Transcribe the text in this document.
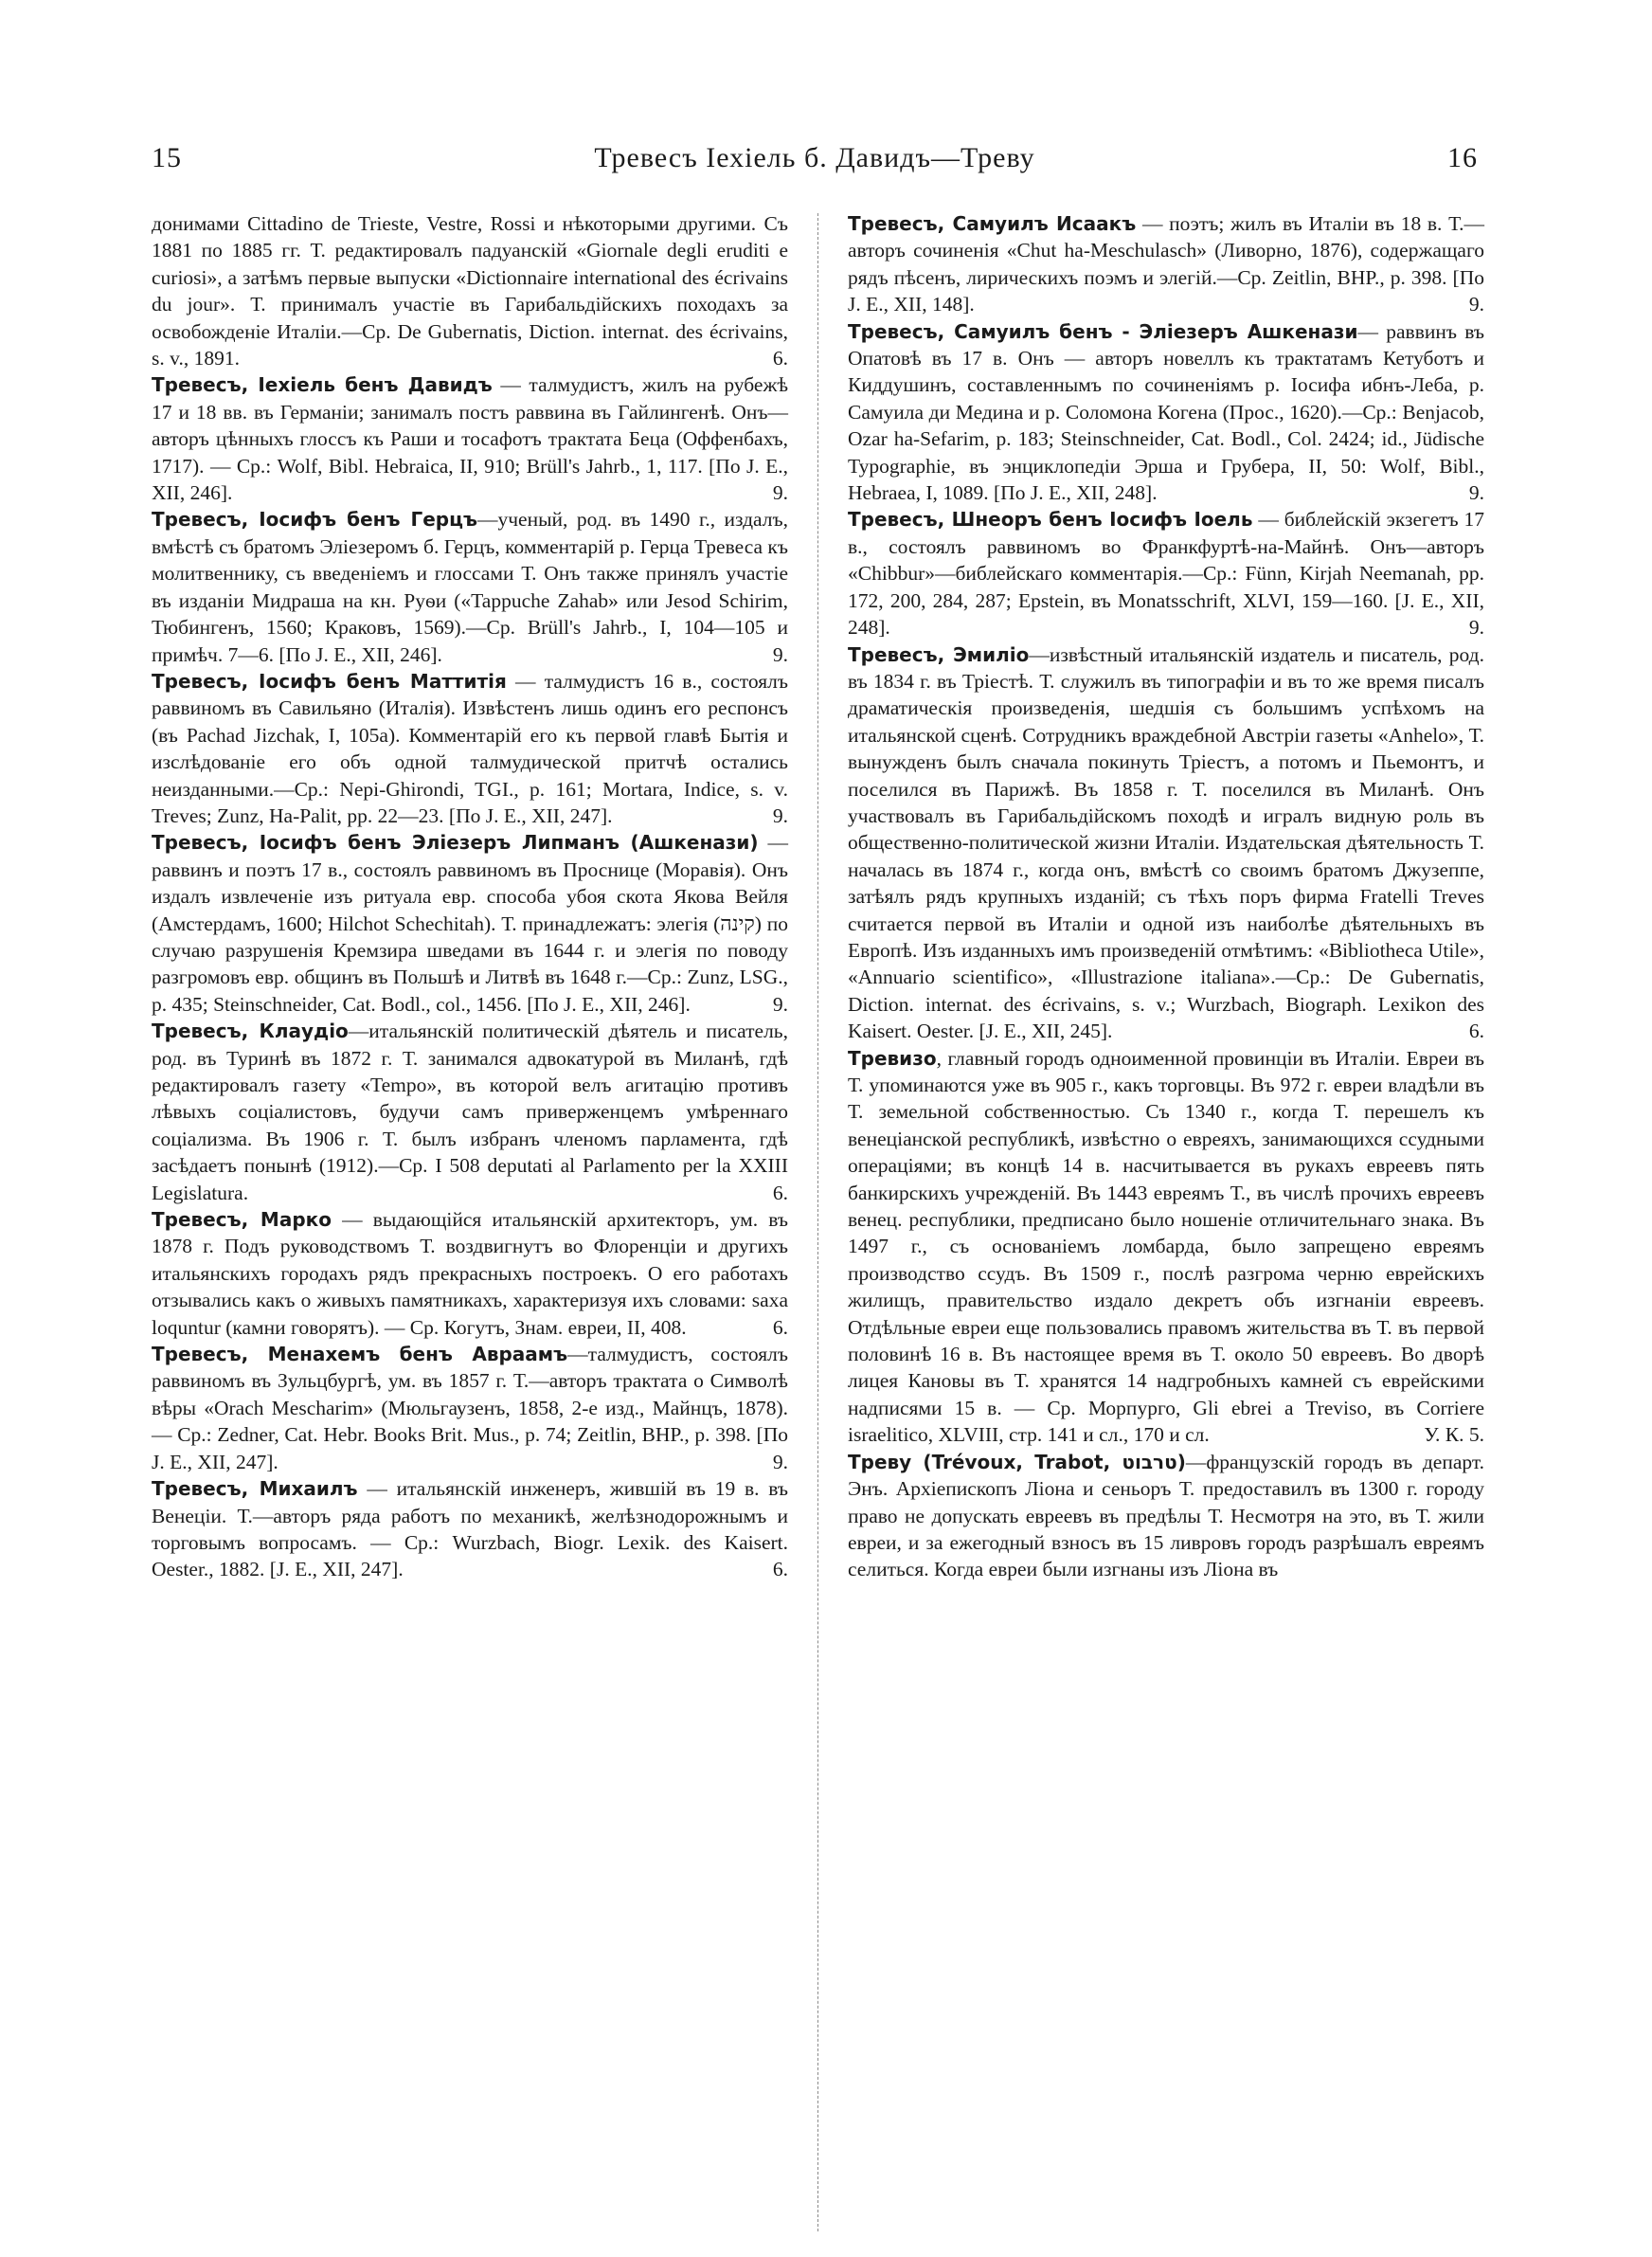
15	Тревесъ Iехiель б. Давидъ—Треву	16

донимами Cittadino de Trieste, Vestre, Rossi и нѣкоторыми другими. Съ 1881 по 1885 гг. Т. редактировалъ падуанскiй «Giornale degli eruditi e curiosi», а затѣмъ первые выпуски «Dictionnaire international des écrivains du jour». Т. принималъ участiе въ Гарибальдiйскихъ походахъ за освобожденiе Италiи.—Ср. De Gubernatis, Diction. internat. des écrivains, s. v., 1891.	6.

Тревесъ, Iехiель бенъ Давидъ — талмудистъ, жилъ на рубежѣ 17 и 18 вв. въ Германiи; занималъ постъ раввина въ Гайлингенѣ. Онъ—авторъ цѣнныхъ глоссъ къ Раши и тосафотъ трактата Беца (Оффенбахъ, 1717). — Ср.: Wolf, Bibl. Hebraica, II, 910; Brüll's Jahrb., 1, 117. [По J. E., XII, 246].	9.

Тревесъ, Iосифъ бенъ Герцъ—ученый, род. въ 1490 г., издалъ, вмѣстѣ съ братомъ Элiезеромъ б. Герцъ, комментарiй р. Герца Тревеса къ молитвеннику, съ введенiемъ и глоссами Т. Онъ также принялъ участiе въ изданiи Мидраша на кн. Руѳи («Tappuche Zahab» или Jesod Schirim, Тюбингенъ, 1560; Краковъ, 1569).—Ср. Brüll's Jahrb., I, 104—105 и примѣч. 7—6. [По J. E., XII, 246].	9.

Тревесъ, Iосифъ бенъ Маттитiя — талмудистъ 16 в., состоялъ раввиномъ въ Савильяно (Италiя). Извѣстенъ лишь одинъ его респонсъ (въ Pachad Jizchak, I, 105a). Комментарiй его къ первой главѣ Бытiя и изслѣдованiе его объ одной талмудической притчѣ остались неизданными.—Ср.: Nepi-Ghirondi, TGI., p. 161; Mortara, Indice, s. v. Treves; Zunz, Ha-Palit, pp. 22—23. [По J. E., XII, 247].	9.

Тревесъ, Iосифъ бенъ Элiезеръ Липманъ (Ашкенази) — раввинъ и поэтъ 17 в., состоялъ раввиномъ въ Проснице (Моравiя). Онъ издалъ извлеченiе изъ ритуала евр. способа убоя скота Якова Вейля (Амстердамъ, 1600; Hilchot Schechitah). Т. принадлежатъ: элегiя (קינה) по случаю разрушенiя Кремзира шведами въ 1644 г. и элегiя по поводу разгромовъ евр. общинъ въ Польшѣ и Литвѣ въ 1648 г.—Ср.: Zunz, LSG., p. 435; Steinschneider, Cat. Bodl., col., 1456. [По J. E., XII, 246].	9.

Тревесъ, Клаудiо—итальянскiй политическiй дѣятель и писатель, род. въ Туринѣ въ 1872 г. Т. занимался адвокатурой въ Миланѣ, гдѣ редактировалъ газету «Tempo», въ которой велъ агитацiю противъ лѣвыхъ соцiалистовъ, будучи самъ приверженцемъ умѣреннаго соцiализма. Въ 1906 г. Т. былъ избранъ членомъ парламента, гдѣ засѣдаетъ понынѣ (1912).—Ср. I 508 deputati al Parlamento per la XXIII Legislatura.	6.

Тревесъ, Марко — выдающiйся итальянскiй архитекторъ, ум. въ 1878 г. Подъ руководствомъ Т. воздвигнутъ во Флоренцiи и другихъ итальянскихъ городахъ рядъ прекрасныхъ построекъ. О его работахъ отзывались какъ о живыхъ памятникахъ, характеризуя ихъ словами: saxa loquntur (камни говорятъ). — Ср. Когутъ, Знам. евреи, II, 408.	6.

Тревесъ, Менахемъ бенъ Авраамъ—талмудистъ, состоялъ раввиномъ въ Зульцбургѣ, ум. въ 1857 г. Т.—авторъ трактата о Символѣ вѣры «Orach Mescharim» (Мюльгаузенъ, 1858, 2-е изд., Майнцъ, 1878). — Ср.: Zedner, Cat. Hebr. Books Brit. Mus., p. 74; Zeitlin, BHP., p. 398. [По J. E., XII, 247].	9.

Тревесъ, Михаилъ — итальянскiй инженеръ, жившiй въ 19 в. въ Венецiи. Т.—авторъ ряда работъ по механикѣ, желѣзнодорожнымъ и торговымъ вопросамъ. — Ср.: Wurzbach, Biogr. Lexik. des Kaisert. Oester., 1882. [J. E., XII, 247].	6.

Тревесъ, Самуилъ Исаакъ — поэтъ; жилъ въ Италiи въ 18 в. Т.—авторъ сочиненiя «Chut ha-Meschulasch» (Ливорно, 1876), содержащаго рядъ пѣсенъ, лирическихъ поэмъ и элегiй.—Ср. Zeitlin, BHP., p. 398. [По J. E., XII, 148].	9.

Тревесъ, Самуилъ бенъ - Элiезеръ Ашкенази— раввинъ въ Опатовѣ въ 17 в. Онъ — авторъ новеллъ къ трактатамъ Кетуботъ и Киддушинъ, составленнымъ по сочиненiямъ р. Iосифа ибнъ-Леба, р. Самуила ди Медина и р. Соломона Когена (Прос., 1620).—Ср.: Benjacob, Ozar ha-Sefarim, p. 183; Steinschneider, Cat. Bodl., Col. 2424; id., Jüdische Typographie, въ энциклопедiи Эрша и Грубера, II, 50: Wolf, Bibl., Hebraea, I, 1089. [По J. E., XII, 248].	9.

Тревесъ, Шнеоръ бенъ Iосифъ Iоель — библейскiй экзегетъ 17 в., состоялъ раввиномъ во Франкфуртѣ-на-Майнѣ. Онъ—авторъ «Chibbur»—библейскаго комментарiя.—Ср.: Fünn, Kirjah Neemanah, pp. 172, 200, 284, 287; Epstein, въ Monatsschrift, XLVI, 159—160. [J. E., XII, 248].	9.

Тревесъ, Эмилiо—извѣстный итальянскiй издатель и писатель, род. въ 1834 г. въ Трiестѣ. Т. служилъ въ типографiи и въ то же время писалъ драматическiя произведенiя, шедшiя съ большимъ успѣхомъ на итальянской сценѣ. Сотрудникъ враждебной Австрiи газеты «Anhelo», Т. вынужденъ былъ сначала покинуть Трiестъ, а потомъ и Пьемонтъ, и поселился въ Парижѣ. Въ 1858 г. Т. поселился въ Миланѣ. Онъ участвовалъ въ Гарибальдiйскомъ походѣ и игралъ видную роль въ общественно-политической жизни Италiи. Издательская дѣятельность Т. началась въ 1874 г., когда онъ, вмѣстѣ со своимъ братомъ Джузеппе, затѣялъ рядъ крупныхъ изданiй; съ тѣхъ поръ фирма Fratelli Treves считается первой въ Италiи и одной изъ наиболѣе дѣятельныхъ въ Европѣ. Изъ изданныхъ имъ произведенiй отмѣтимъ: «Bibliotheca Utile», «Annuario scientifico», «Illustrazione italiana».—Ср.: De Gubernatis, Diction. internat. des écrivains, s. v.; Wurzbach, Biograph. Lexikon des Kaisert. Oester. [J. E., XII, 245].	6.

Тревизо, главный городъ одноименной провинцiи въ Италiи. Евреи въ Т. упоминаются уже въ 905 г., какъ торговцы. Въ 972 г. евреи владѣли въ Т. земельной собственностью. Съ 1340 г., когда Т. перешелъ къ венецiанской республикѣ, извѣстно о евреяхъ, занимающихся ссудными операцiями; въ концѣ 14 в. насчитывается въ рукахъ евреевъ пять банкирскихъ учрежденiй. Въ 1443 евреямъ Т., въ числѣ прочихъ евреевъ венец. республики, предписано было ношенiе отличительнаго знака. Въ 1497 г., съ основанiемъ ломбарда, было запрещено евреямъ производство ссудъ. Въ 1509 г., послѣ разгрома черню еврейскихъ жилищъ, правительство издало декретъ объ изгнанiи евреевъ. Отдѣльные евреи еще пользовались правомъ жительства въ Т. въ первой половинѣ 16 в. Въ настоящее время въ Т. около 50 евреевъ. Во дворѣ лицея Кановы въ Т. хранятся 14 надгробныхъ камней съ еврейскими надписями 15 в. — Ср. Морпурго, Gli ebrei a Treviso, въ Corriere israelitico, XLVIII, стр. 141 и сл., 170 и сл.	У. К. 5.

Треву (Trévoux, Trabot, טרבוט)—французскiй городъ въ департ. Энъ. Архiепископъ Лiона и сеньоръ Т. предоставилъ въ 1300 г. городу право не допускать евреевъ въ предѣлы Т. Несмотря на это, въ Т. жили евреи, и за ежегодный взносъ въ 15 ливровъ городъ разрѣшалъ евреямъ селиться. Когда евреи были изгнаны изъ Лiона въ
